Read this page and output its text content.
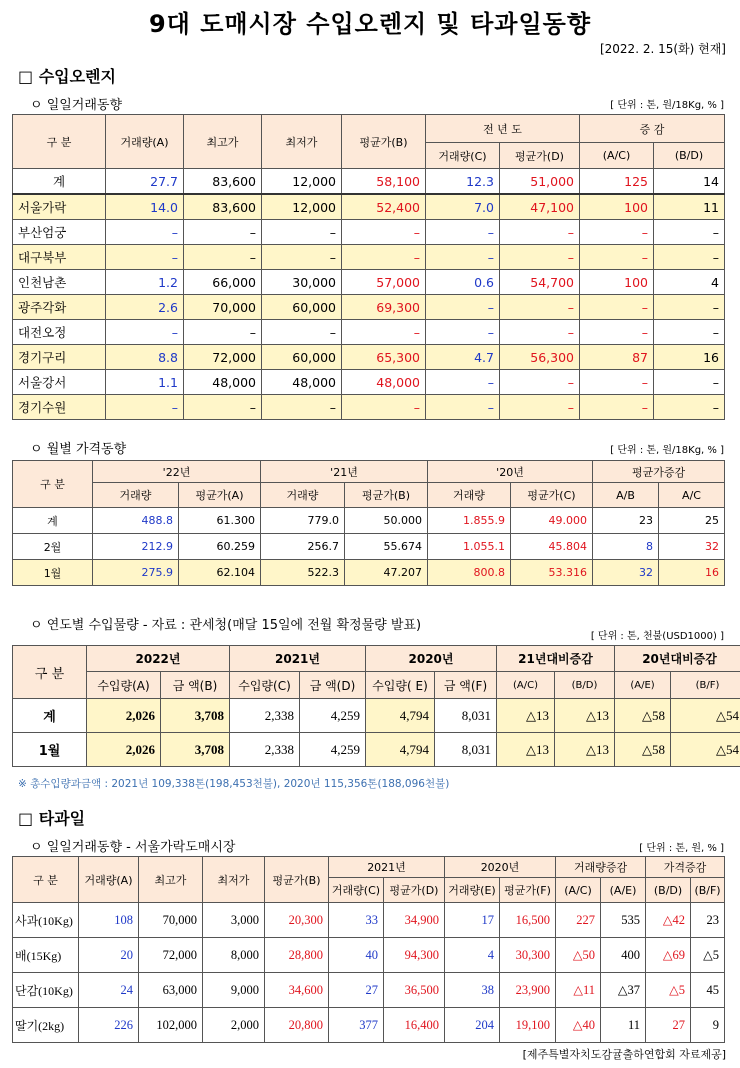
9대 도매시장 수입오렌지 및 타과일동향
[2022. 2. 15(화) 현재]
□ 수입오렌지
ㅇ 일일거래동향	[ 단위 : 톤, 원/18Kg, % ]
구 분	거래량(A)	최고가	최저가	평균가(B)	전 년 도		증 감	
					거래량(C)	평균가(D)	(A/C)	(B/D)
계	27.7	83,600	12,000	58,100	12.3	51,000	125	14
서울가락	14.0	83,600	12,000	52,400	7.0	47,100	100	11
부산엄궁	–	–	–	–	–	–	–	–
대구북부	–	–	–	–	–	–	–	–
인천남촌	1.2	66,000	30,000	57,000	0.6	54,700	100	4
광주각화	2.6	70,000	60,000	69,300	–	–	–	–
대전오정	–	–	–	–	–	–	–	–
경기구리	8.8	72,000	60,000	65,300	4.7	56,300	87	16
서울강서	1.1	48,000	48,000	48,000	–	–	–	–
경기수원	–	–	–	–	–	–	–	–
ㅇ 월별 가격동향	[ 단위 : 톤, 원/18Kg, % ]
구 분	'22년		'21년		'20년		평균가증감	
	거래량	평균가(A)	거래량	평균가(B)	거래량	평균가(C)	A/B	A/C
계	488.8	61.300	779.0	50.000	1.855.9	49.000	23	25
2월	212.9	60.259	256.7	55.674	1.055.1	45.804	8	32
1월	275.9	62.104	522.3	47.207	800.8	53.316	32	16
ㅇ 연도별 수입물량 - 자료 : 관세청(매달 15일에 전월 확정물량 발표)
[ 단위 : 톤, 천불(USD1000) ]
구 분	2022년		2021년		2020년		21년대비증감		20년대비증감	
	수입량(A)	금 액(B)	수입량(C)	금 액(D)	수입량( E)	금 액(F)	(A/C)	(B/D)	(A/E)	(B/F)
계	2,026	3,708	2,338	4,259	4,794	8,031	△13	△13	△58	△54
1월	2,026	3,708	2,338	4,259	4,794	8,031	△13	△13	△58	△54
※ 총수입량과금액 : 2021년 109,338톤(198,453천불), 2020년 115,356톤(188,096천불)
□ 타과일
ㅇ 일일거래동향 - 서울가락도매시장	[ 단위 : 톤, 원, % ]
구 분	거래량(A)	최고가	최저가	평균가(B)	2021년		2020년		거래량증감		가격증감	
					거래량(C)	평균가(D)	거래량(E)	평균가(F)	(A/C)	(A/E)	(B/D)	(B/F)
사과(10Kg)	108	70,000	3,000	20,300	33	34,900	17	16,500	227	535	△42	23
배(15Kg)	20	72,000	8,000	28,800	40	94,300	4	30,300	△50	400	△69	△5
단감(10Kg)	24	63,000	9,000	34,600	27	36,500	38	23,900	△11	△37	△5	45
딸기(2kg)	226	102,000	2,000	20,800	377	16,400	204	19,100	△40	11	27	9
[제주특별자치도감귤출하연합회 자료제공]
